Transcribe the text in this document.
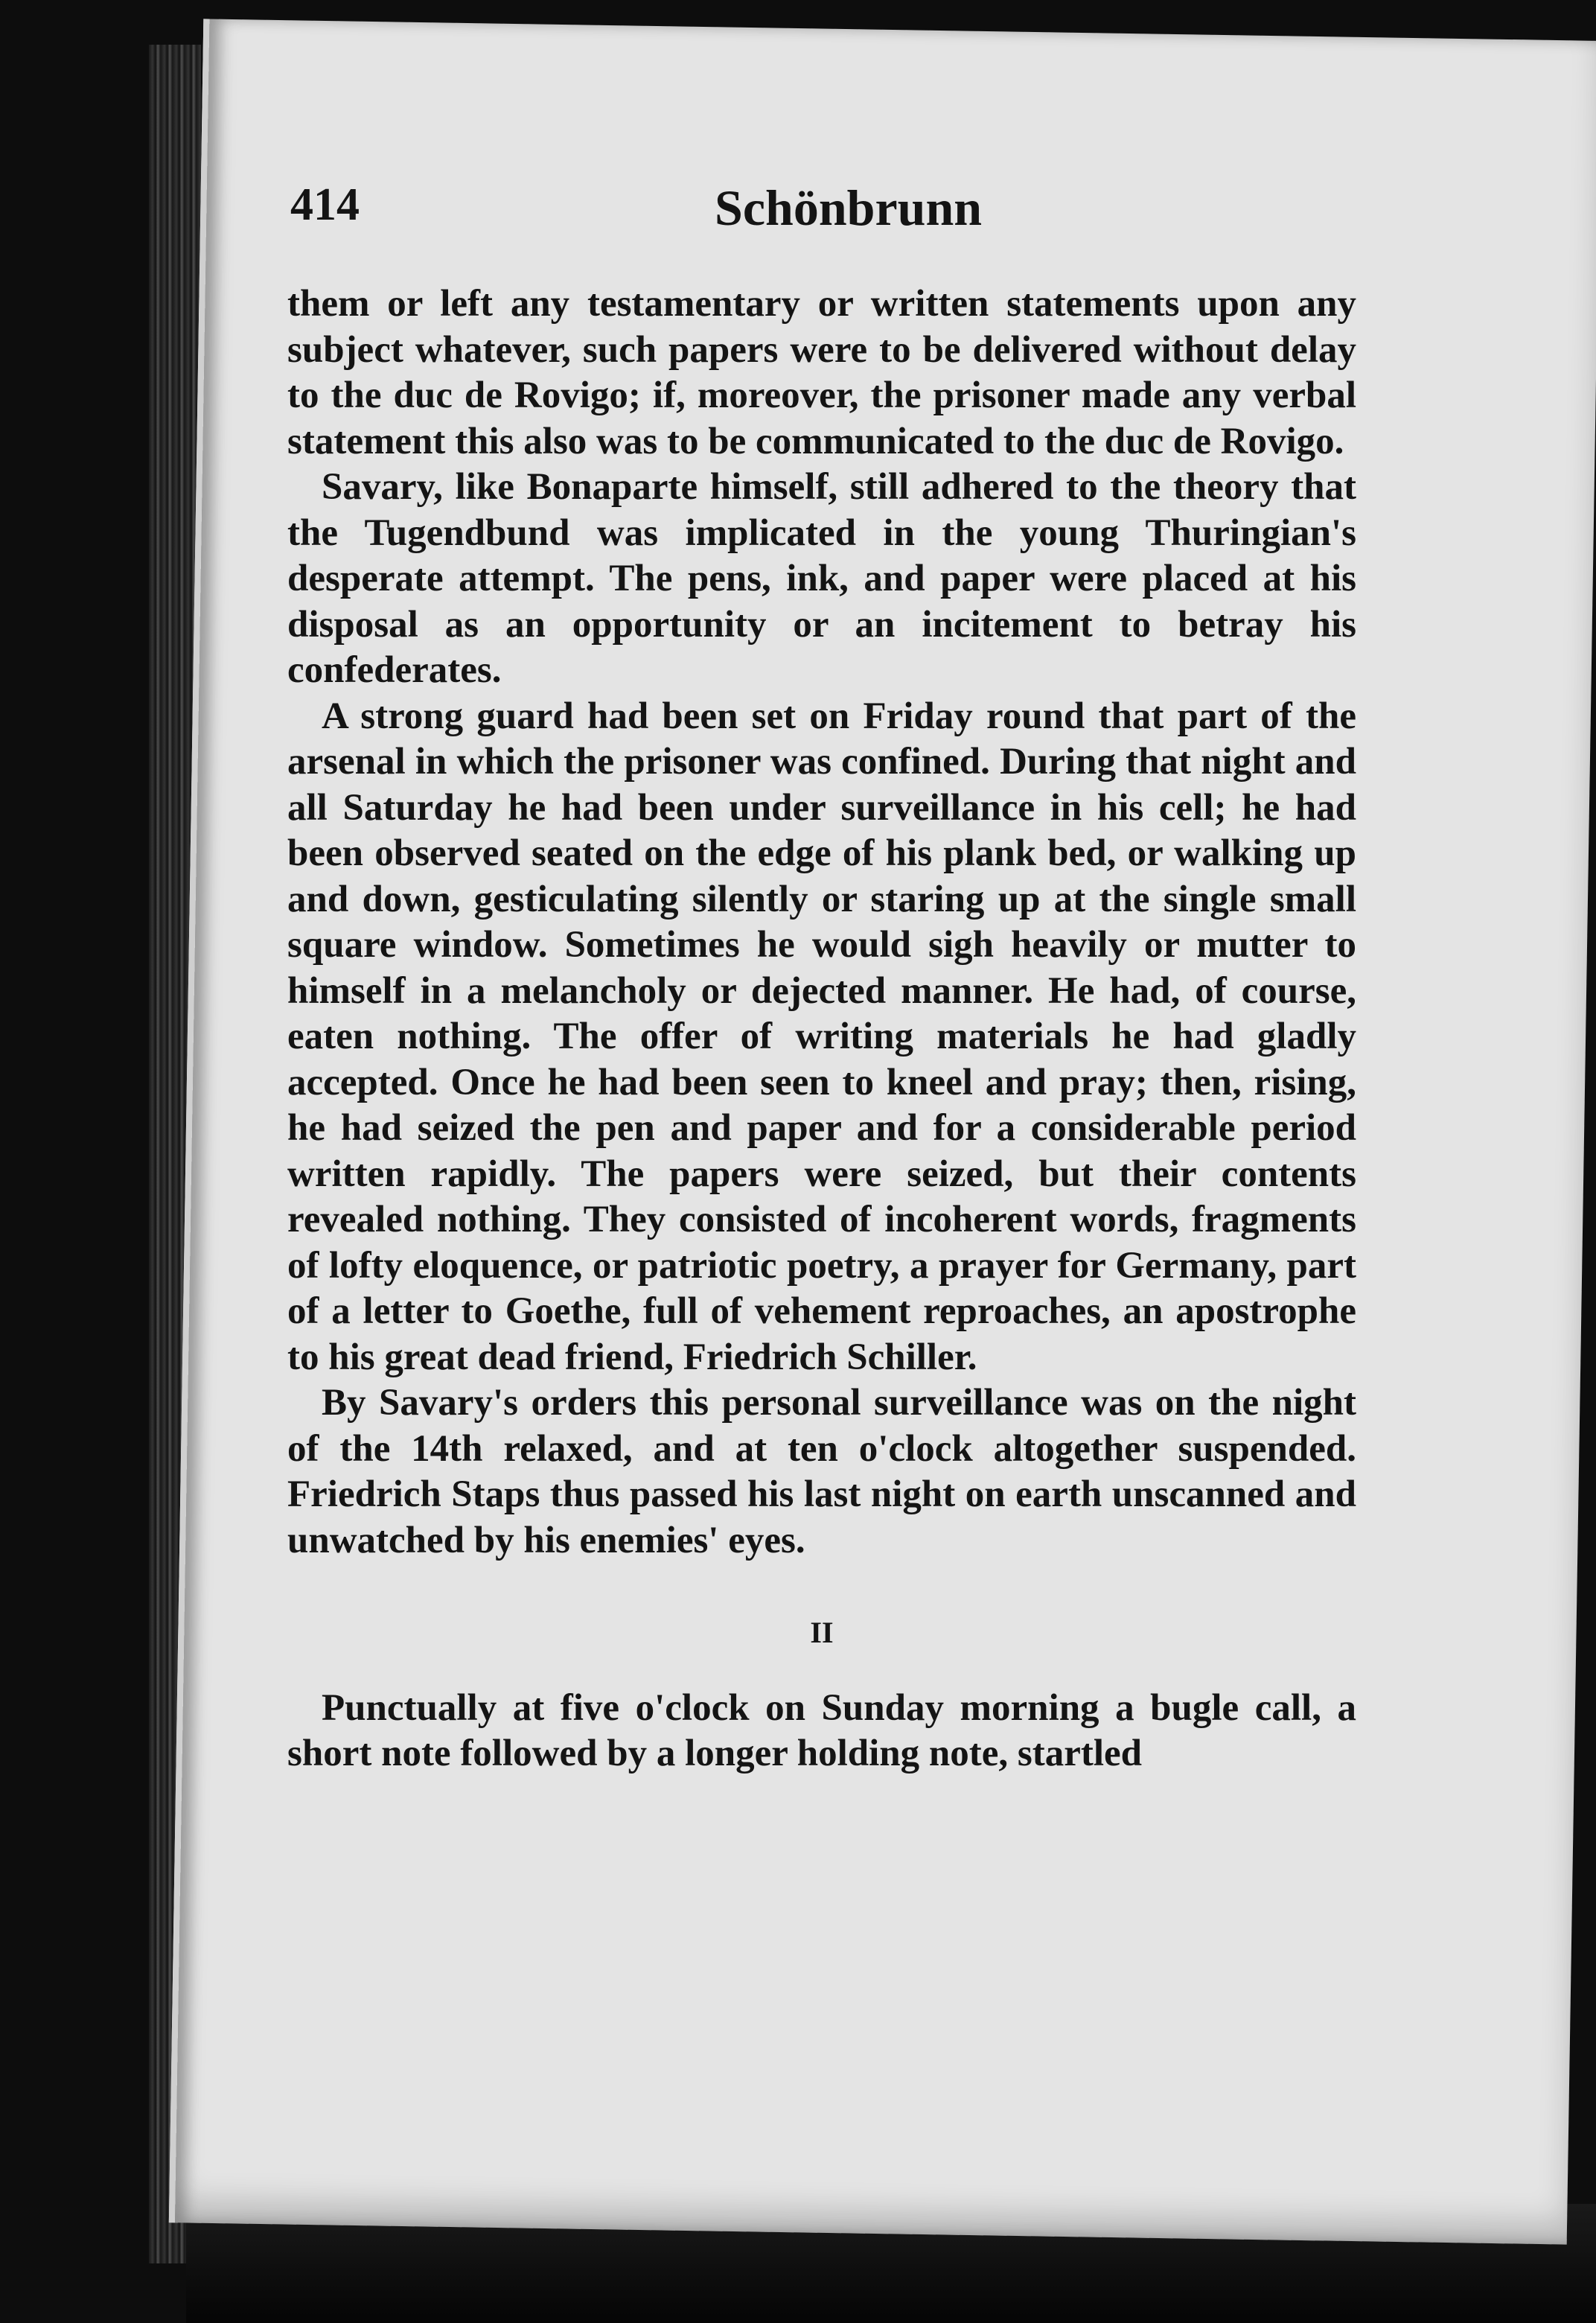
414	Schönbrunn

them or left any testamentary or written statements upon any subject whatever, such papers were to be delivered without delay to the duc de Rovigo; if, moreover, the prisoner made any verbal statement this also was to be communicated to the duc de Rovigo.

Savary, like Bonaparte himself, still adhered to the theory that the Tugendbund was implicated in the young Thuringian's desperate attempt. The pens, ink, and paper were placed at his disposal as an opportunity or an incitement to betray his confederates.

A strong guard had been set on Friday round that part of the arsenal in which the prisoner was confined. During that night and all Saturday he had been under surveillance in his cell; he had been observed seated on the edge of his plank bed, or walking up and down, gesticulating silently or staring up at the single small square window. Sometimes he would sigh heavily or mutter to himself in a melancholy or dejected manner. He had, of course, eaten nothing. The offer of writing materials he had gladly accepted. Once he had been seen to kneel and pray; then, rising, he had seized the pen and paper and for a considerable period written rapidly. The papers were seized, but their contents revealed nothing. They consisted of incoherent words, fragments of lofty eloquence, or patriotic poetry, a prayer for Germany, part of a letter to Goethe, full of vehement reproaches, an apostrophe to his great dead friend, Friedrich Schiller.

By Savary's orders this personal surveillance was on the night of the 14th relaxed, and at ten o'clock altogether suspended. Friedrich Staps thus passed his last night on earth unscanned and unwatched by his enemies' eyes.

II

Punctually at five o'clock on Sunday morning a bugle call, a short note followed by a longer holding note, startled
